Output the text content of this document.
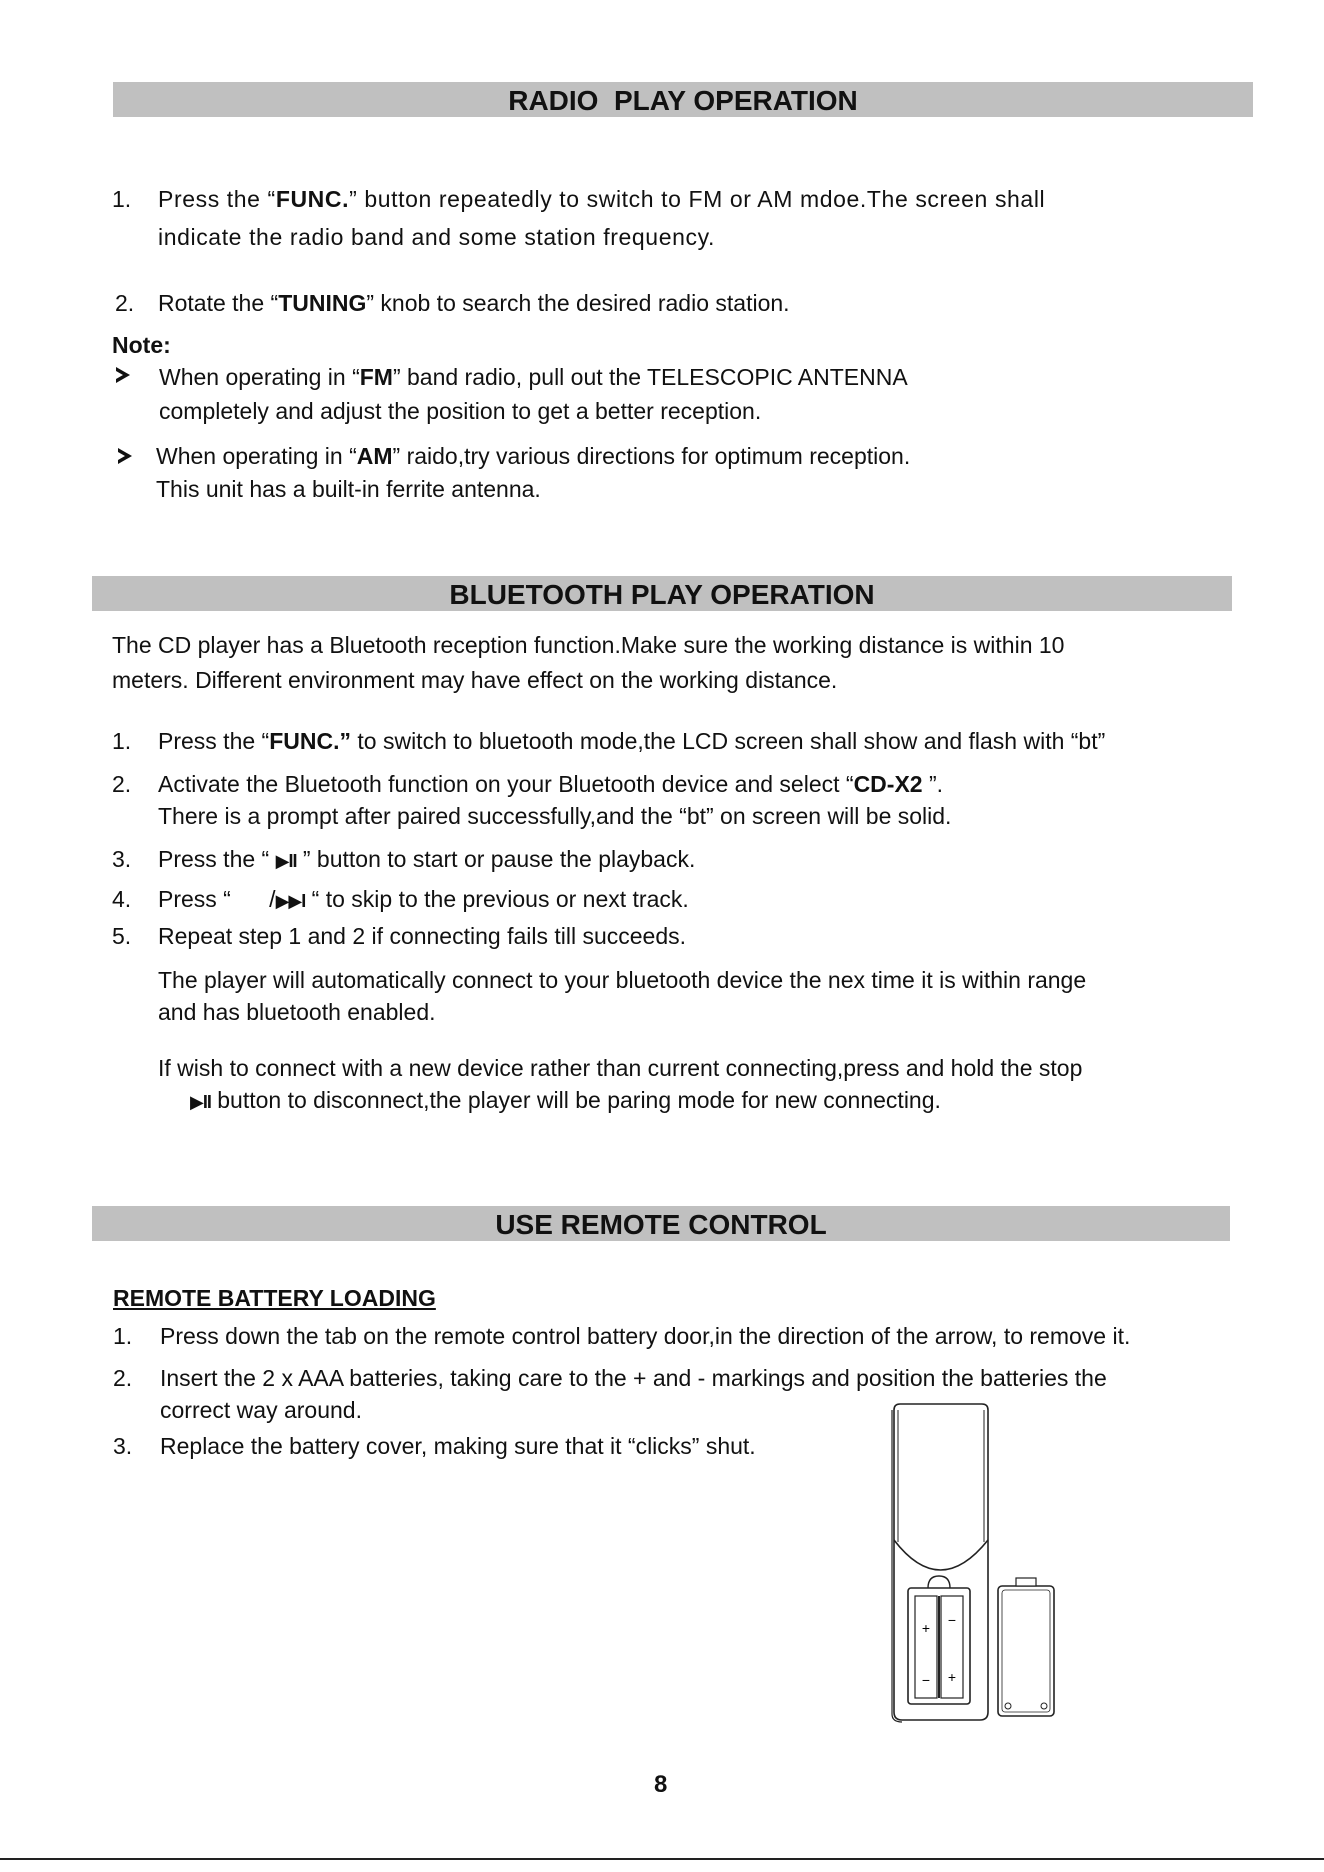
RADIO  PLAY OPERATION
1. Press the “FUNC.” button repeatedly to switch to FM or AM mdoe.The screen shall
indicate the radio band and some station frequency.
2. Rotate the “TUNING” knob to search the desired radio station.
Note:
When operating in “FM” band radio, pull out the TELESCOPIC ANTENNA
completely and adjust the position to get a better reception.
When operating in “AM” raido,try various directions for optimum reception.
This unit has a built-in ferrite antenna.
BLUETOOTH PLAY OPERATION
The CD player has a Bluetooth reception function.Make sure the working distance is within 10
meters. Different environment may have effect on the working distance.
1. Press the “FUNC.” to switch to bluetooth mode,the LCD screen shall show and flash with “bt”
2. Activate the Bluetooth function on your Bluetooth device and select “CD-X2 ”.
There is a prompt after paired successfully,and the “bt” on screen will be solid.
3. Press the “ ▶II ” button to start or pause the playback.
4. Press “      /▶▶I “ to skip to the previous or next track.
5. Repeat step 1 and 2 if connecting fails till succeeds.
The player will automatically connect to your bluetooth device the nex time it is within range
and has bluetooth enabled.
If wish to connect with a new device rather than current connecting,press and hold the stop
▶II button to disconnect,the player will be paring mode for new connecting.
USE REMOTE CONTROL
REMOTE BATTERY LOADING
1. Press down the tab on the remote control battery door,in the direction of the arrow, to remove it.
2. Insert the 2 x AAA batteries, taking care to the + and - markings and position the batteries the
correct way around.
3. Replace the battery cover, making sure that it “clicks” shut.
+
−
−
+
8
